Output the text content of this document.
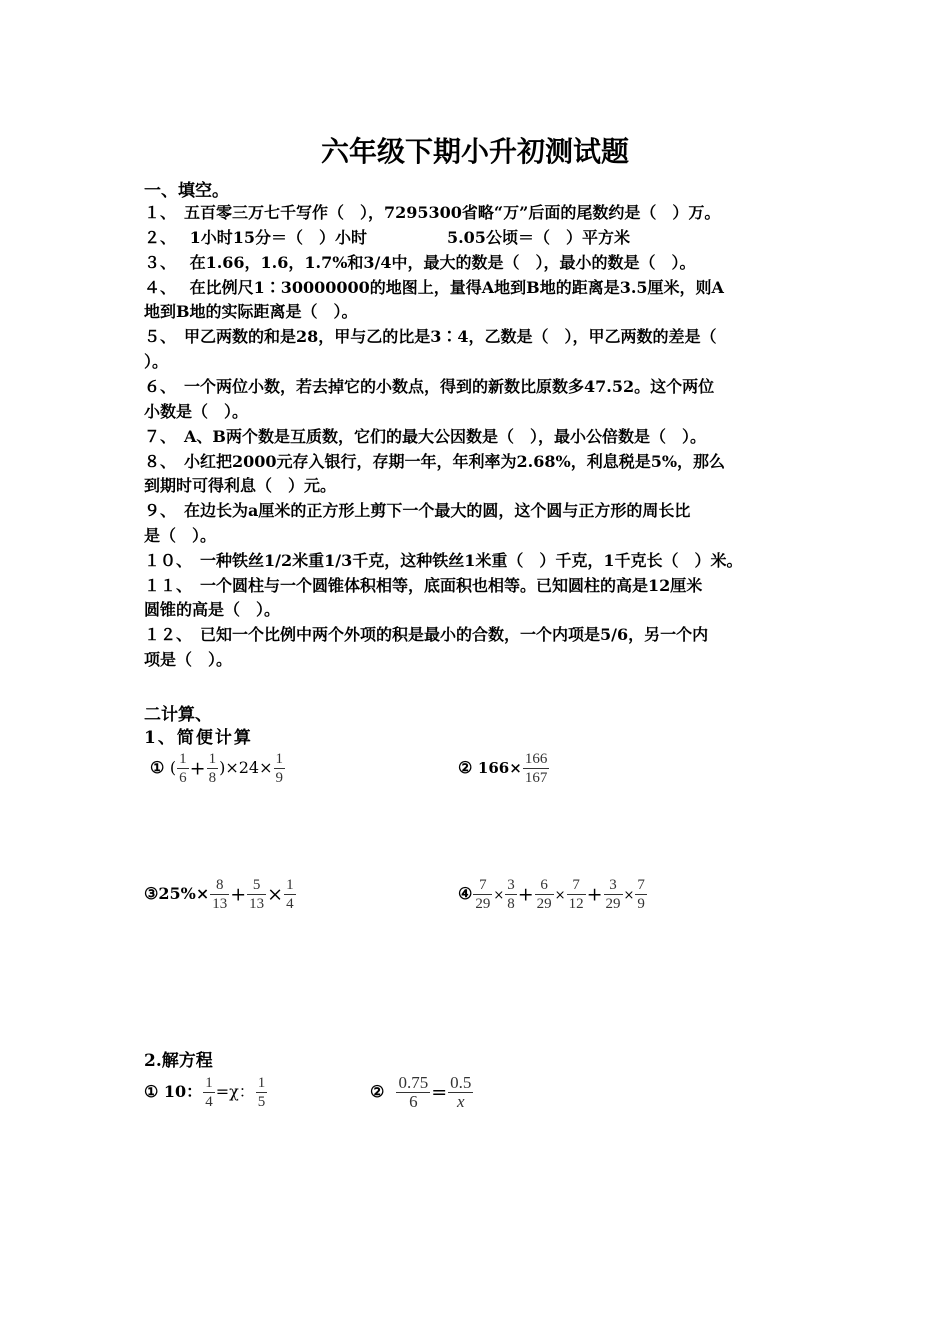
六年级下期小升初测试题
一、填空。
１、　五百零三万七千写作（　），7295300省略“万”后面的尾数约是（　）万。
２、　 1小时15分＝（　）小时　　　　　5.05公顷＝（　）平方米
３、　 在1.66，1.6，1.7%和3/4中，最大的数是（　），最小的数是（　）。
４、　 在比例尺1∶30000000的地图上，量得A地到B地的距离是3.5厘米，则A
地到B地的实际距离是（　）。
５、　甲乙两数的和是28，甲与乙的比是3∶4，乙数是（　），甲乙两数的差是（
）。
６、　一个两位小数，若去掉它的小数点，得到的新数比原数多47.52。这个两位
小数是（　）。
７、　A、B两个数是互质数，它们的最大公因数是（　），最小公倍数是（　）。
８、　小红把2000元存入银行，存期一年，年利率为2.68%，利息税是5%，那么
到期时可得利息（　）元。
９、　在边长为a厘米的正方形上剪下一个最大的圆，这个圆与正方形的周长比
是（　）。
１０、　一种铁丝1/2米重1/3千克，这种铁丝1米重（　）千克，1千克长（　）米。
１１、　一个圆柱与一个圆锥体积相等，底面积也相等。已知圆柱的高是12厘米
圆锥的高是（　）。
１２、　已知一个比例中两个外项的积是最小的合数，一个内项是5/6，另一个内
项是（　）。
二计算、
1、简便计算
① ( $\frac{1}{6} + \frac{1}{8} )\times 24\times \frac{1}{9}$	② $166\times \frac{166}{167}$
③25%× $\frac{8}{13} + \frac{5}{13} \times \frac{1}{4}$	④ $\frac{7}{29} \times \frac{3}{8} + \frac{6}{29} \times \frac{7}{12} + \frac{3}{29} \times \frac{7}{9}$
2.解方程
① 10： $\frac{1}{4} =\chi$： $\frac{1}{5}$	② $\frac{0.75}{6} = \frac{0.5}{x}$
